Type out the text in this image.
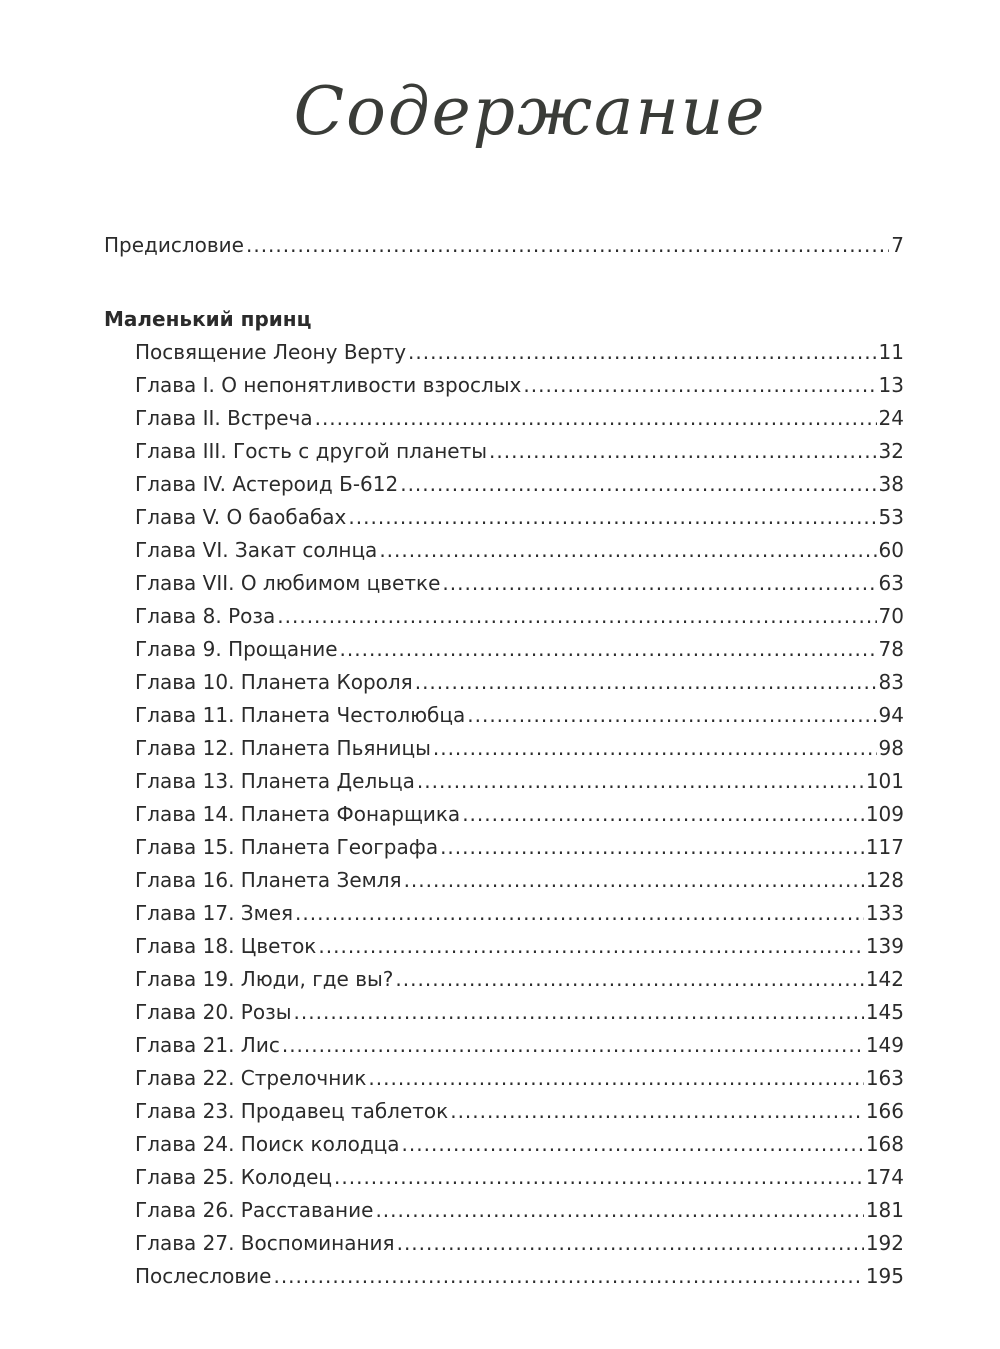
Содержание
Предисловие .....	7
Маленький принц
Посвящение Леону Верту .....	11
Глава I. О непонятливости взрослых .....	13
Глава II. Встреча .....	24
Глава III. Гость с другой планеты .....	32
Глава IV. Астероид Б-612 .....	38
Глава V. О баобабах .....	53
Глава VI. Закат солнца .....	60
Глава VII. О любимом цветке .....	63
Глава 8. Роза .....	70
Глава 9. Прощание .....	78
Глава 10. Планета Короля .....	83
Глава 11. Планета Честолюбца .....	94
Глава 12. Планета Пьяницы .....	98
Глава 13. Планета Дельца .....	101
Глава 14. Планета Фонарщика .....	109
Глава 15. Планета Географа .....	117
Глава 16. Планета Земля .....	128
Глава 17. Змея .....	133
Глава 18. Цветок .....	139
Глава 19. Люди, где вы? .....	142
Глава 20. Розы .....	145
Глава 21. Лис .....	149
Глава 22. Стрелочник .....	163
Глава 23. Продавец таблеток .....	166
Глава 24. Поиск колодца .....	168
Глава 25. Колодец .....	174
Глава 26. Расставание .....	181
Глава 27. Воспоминания .....	192
Послесловие .....	195
